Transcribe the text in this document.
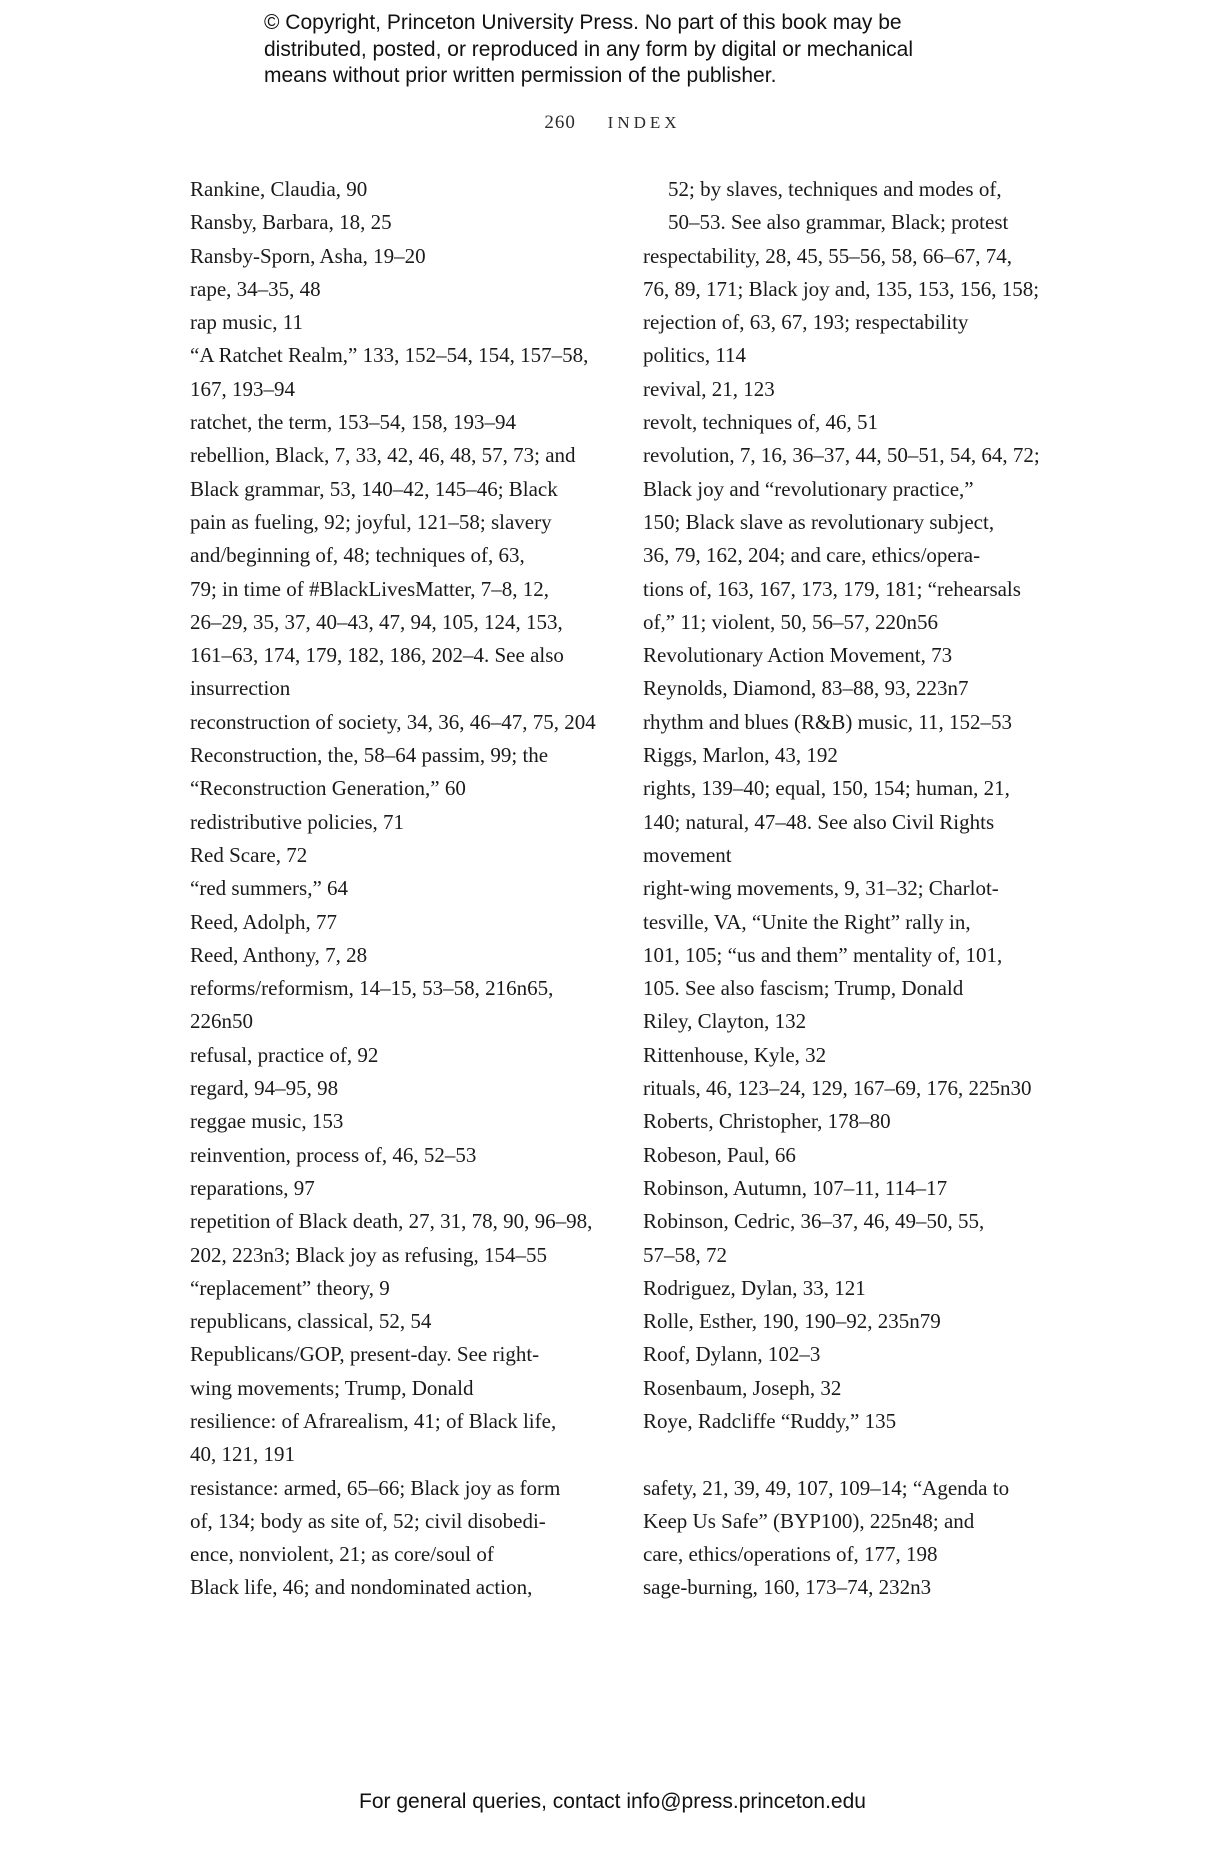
© Copyright, Princeton University Press. No part of this book may be
distributed, posted, or reproduced in any form by digital or mechanical
means without prior written permission of the publisher.
260 INDEX
Rankine, Claudia, 90
Ransby, Barbara, 18, 25
Ransby-Sporn, Asha, 19–20
rape, 34–35, 48
rap music, 11
“A Ratchet Realm,” 133, 152–54, 154, 157–58,
167, 193–94
ratchet, the term, 153–54, 158, 193–94
rebellion, Black, 7, 33, 42, 46, 48, 57, 73; and
Black grammar, 53, 140–42, 145–46; Black
pain as fueling, 92; joyful, 121–58; slavery
and/beginning of, 48; techniques of, 63,
79; in time of #BlackLivesMatter, 7–8, 12,
26–29, 35, 37, 40–43, 47, 94, 105, 124, 153,
161–63, 174, 179, 182, 186, 202–4. See also
insurrection
reconstruction of society, 34, 36, 46–47, 75, 204
Reconstruction, the, 58–64 passim, 99; the
“Reconstruction Generation,” 60
redistributive policies, 71
Red Scare, 72
“red summers,” 64
Reed, Adolph, 77
Reed, Anthony, 7, 28
reforms/reformism, 14–15, 53–58, 216n65,
226n50
refusal, practice of, 92
regard, 94–95, 98
reggae music, 153
reinvention, process of, 46, 52–53
reparations, 97
repetition of Black death, 27, 31, 78, 90, 96–98,
202, 223n3; Black joy as refusing, 154–55
“replacement” theory, 9
republicans, classical, 52, 54
Republicans/GOP, present-day. See right-
wing movements; Trump, Donald
resilience: of Afrarealism, 41; of Black life,
40, 121, 191
resistance: armed, 65–66; Black joy as form
of, 134; body as site of, 52; civil disobedi-
ence, nonviolent, 21; as core/soul of
Black life, 46; and nondominated action,
52; by slaves, techniques and modes of,
50–53. See also grammar, Black; protest
respectability, 28, 45, 55–56, 58, 66–67, 74,
76, 89, 171; Black joy and, 135, 153, 156, 158;
rejection of, 63, 67, 193; respectability
politics, 114
revival, 21, 123
revolt, techniques of, 46, 51
revolution, 7, 16, 36–37, 44, 50–51, 54, 64, 72;
Black joy and “revolutionary practice,”
150; Black slave as revolutionary subject,
36, 79, 162, 204; and care, ethics/opera-
tions of, 163, 167, 173, 179, 181; “rehearsals
of,” 11; violent, 50, 56–57, 220n56
Revolutionary Action Movement, 73
Reynolds, Diamond, 83–88, 93, 223n7
rhythm and blues (R&B) music, 11, 152–53
Riggs, Marlon, 43, 192
rights, 139–40; equal, 150, 154; human, 21,
140; natural, 47–48. See also Civil Rights
movement
right-wing movements, 9, 31–32; Charlot-
tesville, VA, “Unite the Right” rally in,
101, 105; “us and them” mentality of, 101,
105. See also fascism; Trump, Donald
Riley, Clayton, 132
Rittenhouse, Kyle, 32
rituals, 46, 123–24, 129, 167–69, 176, 225n30
Roberts, Christopher, 178–80
Robeson, Paul, 66
Robinson, Autumn, 107–11, 114–17
Robinson, Cedric, 36–37, 46, 49–50, 55,
57–58, 72
Rodriguez, Dylan, 33, 121
Rolle, Esther, 190, 190–92, 235n79
Roof, Dylann, 102–3
Rosenbaum, Joseph, 32
Roye, Radcliffe “Ruddy,” 135
safety, 21, 39, 49, 107, 109–14; “Agenda to
Keep Us Safe” (BYP100), 225n48; and
care, ethics/operations of, 177, 198
sage-burning, 160, 173–74, 232n3
For general queries, contact info@press.princeton.edu
